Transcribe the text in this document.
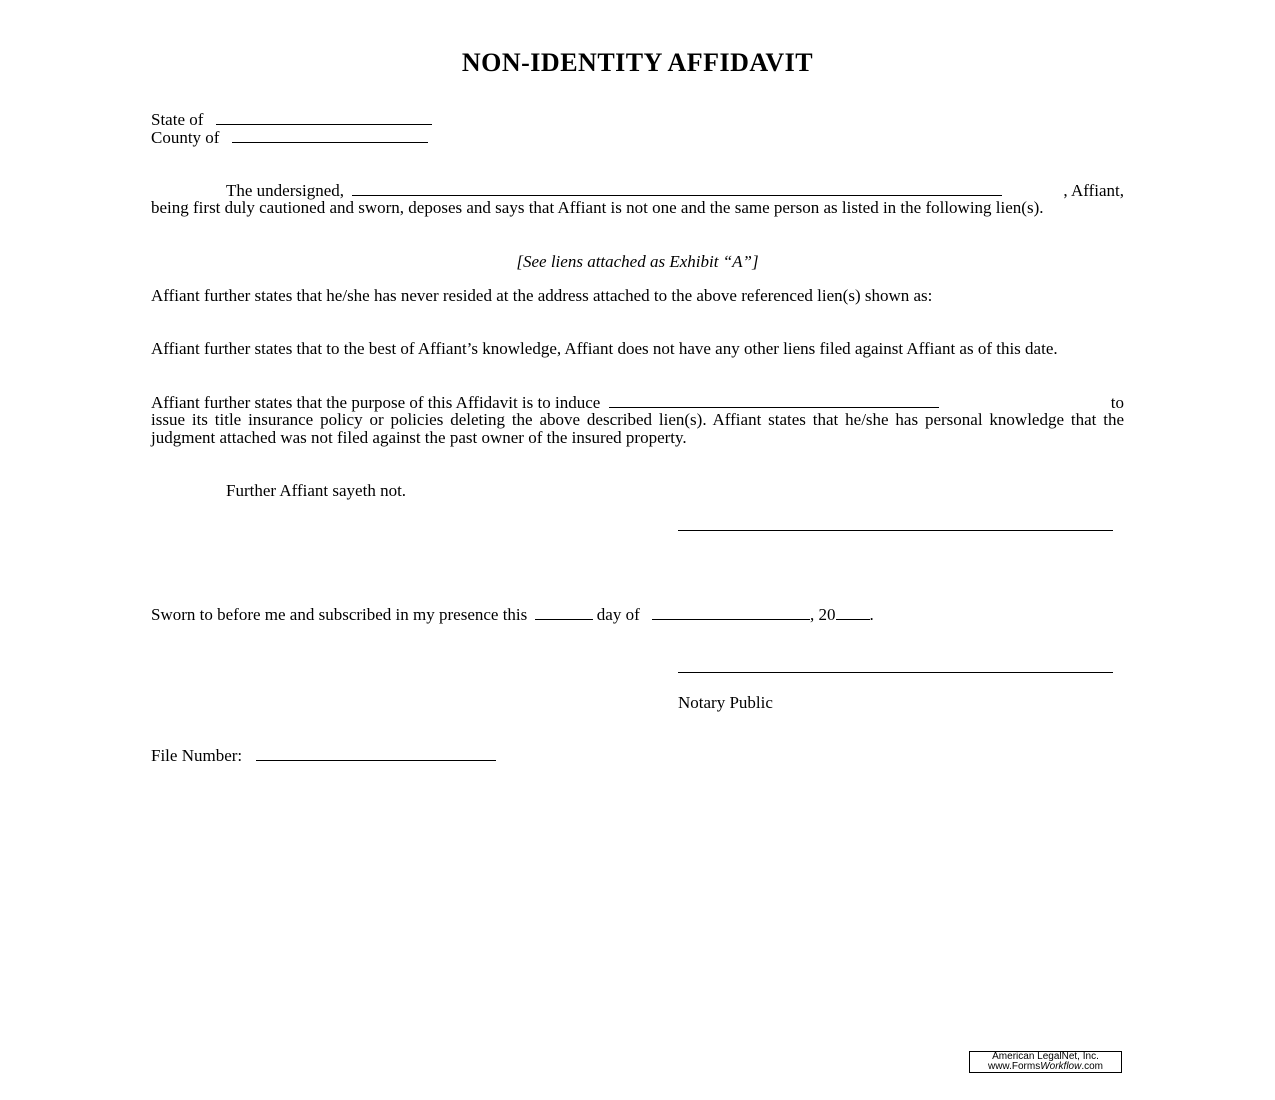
NON-IDENTITY AFFIDAVIT
State of
County of
The undersigned,	, Affiant,
being first duly cautioned and sworn, deposes and says that Affiant is not one and the same person as listed in the following lien(s).
[See liens attached as Exhibit “A”]
Affiant further states that he/she has never resided at the address attached to the above referenced lien(s) shown as:
Affiant further states that to the best of Affiant’s knowledge, Affiant does not have any other liens filed against Affiant as of this date.
Affiant further states that the purpose of this Affidavit is to induce	to
issue its title insurance policy or policies deleting the above described lien(s). Affiant states that he/she has personal knowledge that the judgment attached was not filed against the past owner of the insured property.
Further Affiant sayeth not.
Sworn to before me and subscribed in my presence this	day of	, 20 .
Notary Public
File Number:
American LegalNet, Inc.
www.FormsWorkflow.com
